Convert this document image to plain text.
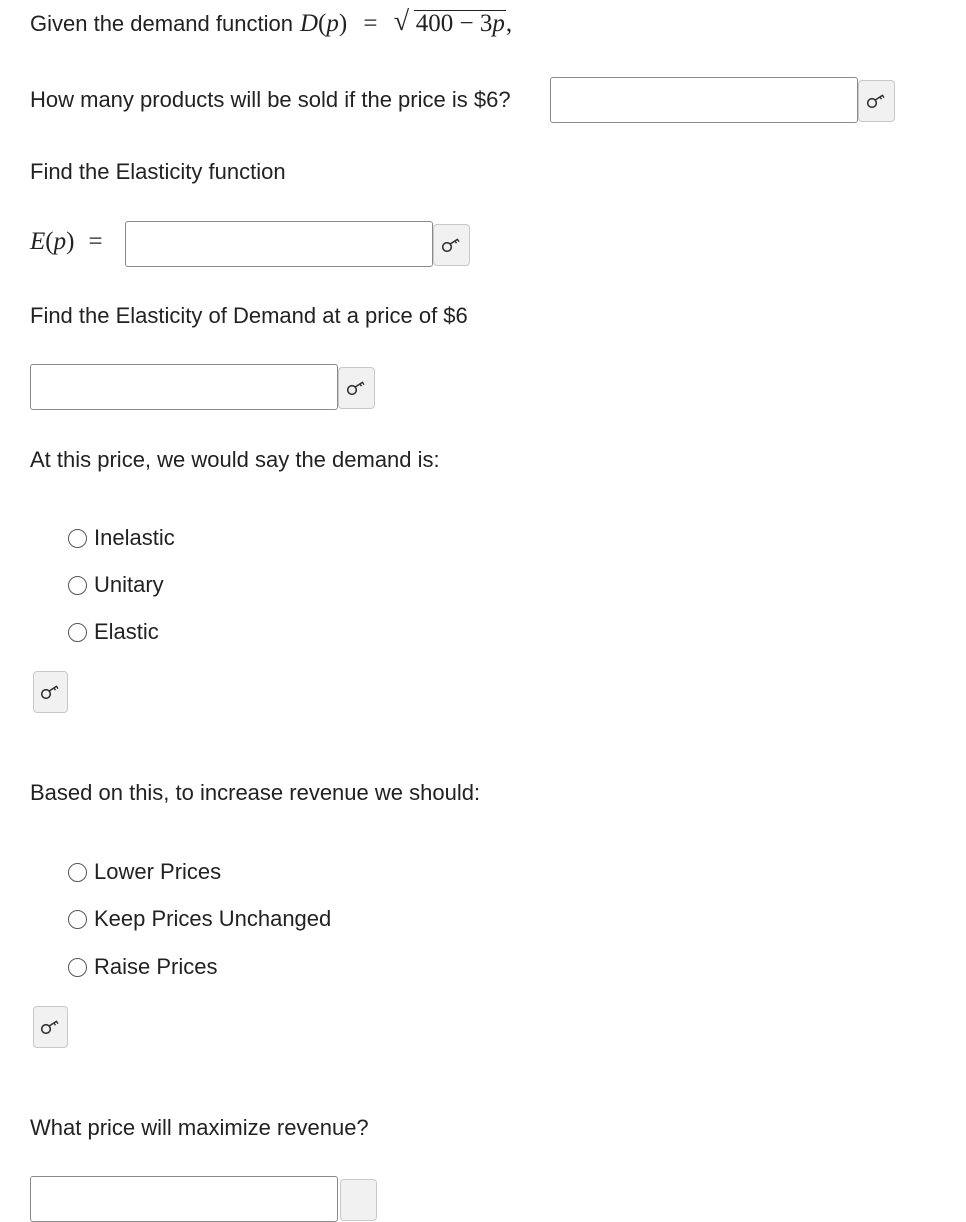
Given the demand function D(p) = √ 400 − 3p,
How many products will be sold if the price is $6?
Find the Elasticity function
E ( p ) =
Find the Elasticity of Demand at a price of $6
At this price, we would say the demand is:
Inelastic
Unitary
Elastic
Based on this, to increase revenue we should:
Lower Prices
Keep Prices Unchanged
Raise Prices
What price will maximize revenue?
